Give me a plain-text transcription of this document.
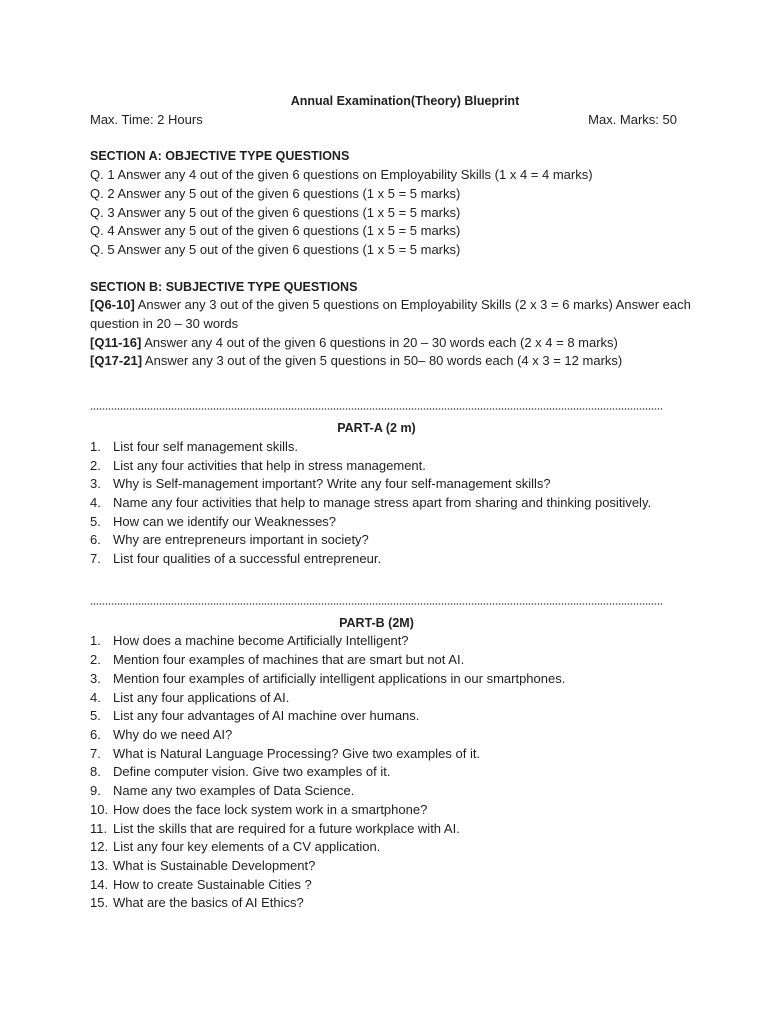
Annual Examination(Theory) Blueprint
Max. Time: 2 Hours	Max. Marks: 50
SECTION A: OBJECTIVE TYPE QUESTIONS
Q. 1 Answer any 4 out of the given 6 questions on Employability Skills (1 x 4 = 4 marks)
Q. 2 Answer any 5 out of the given 6 questions (1 x 5 = 5 marks)
Q. 3 Answer any 5 out of the given 6 questions (1 x 5 = 5 marks)
Q. 4 Answer any 5 out of the given 6 questions (1 x 5 = 5 marks)
Q. 5 Answer any 5 out of the given 6 questions (1 x 5 = 5 marks)
SECTION B: SUBJECTIVE TYPE QUESTIONS
[Q6-10] Answer any 3 out of the given 5 questions on Employability Skills (2 x 3 = 6 marks) Answer each question in 20 – 30 words
[Q11-16] Answer any 4 out of the given 6 questions in 20 – 30 words each (2 x 4 = 8 marks)
[Q17-21] Answer any 3 out of the given 5 questions in 50– 80 words each (4 x 3 = 12 marks)
PART-A (2 m)
1. List four self management skills.
2. List any four activities that help in stress management.
3. Why is Self-management important? Write any four self-management skills?
4. Name any four activities that help to manage stress apart from sharing and thinking positively.
5. How can we identify our Weaknesses?
6. Why are entrepreneurs important in society?
7. List four qualities of a successful entrepreneur.
PART-B (2M)
1. How does a machine become Artificially Intelligent?
2. Mention four examples of machines that are smart but not AI.
3. Mention four examples of artificially intelligent applications in our smartphones.
4. List any four applications of AI.
5. List any four advantages of AI machine over humans.
6. Why do we need AI?
7. What is Natural Language Processing? Give two examples of it.
8. Define computer vision. Give two examples of it.
9. Name any two examples of Data Science.
10. How does the face lock system work in a smartphone?
11. List the skills that are required for a future workplace with AI.
12. List any four key elements of a CV application.
13. What is Sustainable Development?
14. How to create Sustainable Cities ?
15. What are the basics of AI Ethics?
